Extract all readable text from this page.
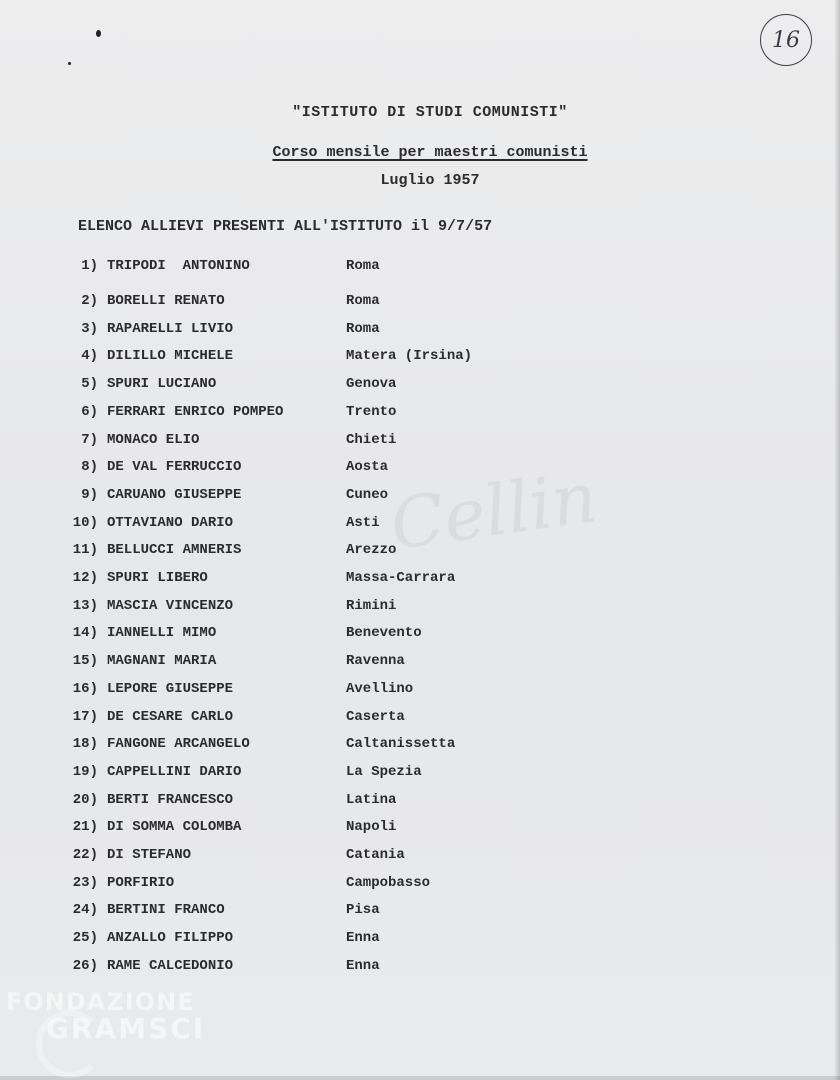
Cellin
16
"ISTITUTO DI STUDI COMUNISTI"
Corso mensile per maestri comunisti
Luglio 1957
ELENCO ALLIEVI PRESENTI ALL'ISTITUTO il 9/7/57
1) TRIPODI  ANTONINO	Roma
2) BORELLI RENATO	Roma
3) RAPARELLI LIVIO	Roma
4) DILILLO MICHELE	Matera (Irsina)
5) SPURI LUCIANO	Genova
6) FERRARI ENRICO POMPEO	Trento
7) MONACO ELIO	Chieti
8) DE VAL FERRUCCIO	Aosta
9) CARUANO GIUSEPPE	Cuneo
10) OTTAVIANO DARIO	Asti
11) BELLUCCI AMNERIS	Arezzo
12) SPURI LIBERO	Massa-Carrara
13) MASCIA VINCENZO	Rimini
14) IANNELLI MIMO	Benevento
15) MAGNANI MARIA	Ravenna
16) LEPORE GIUSEPPE	Avellino
17) DE CESARE CARLO	Caserta
18) FANGONE ARCANGELO	Caltanissetta
19) CAPPELLINI DARIO	La Spezia
20) BERTI FRANCESCO	Latina
21) DI SOMMA COLOMBA	Napoli
22) DI STEFANO	Catania
23) PORFIRIO	Campobasso
24) BERTINI FRANCO	Pisa
25) ANZALLO FILIPPO	Enna
26) RAME CALCEDONIO	Enna
FONDAZIONE
GRAMSCI
